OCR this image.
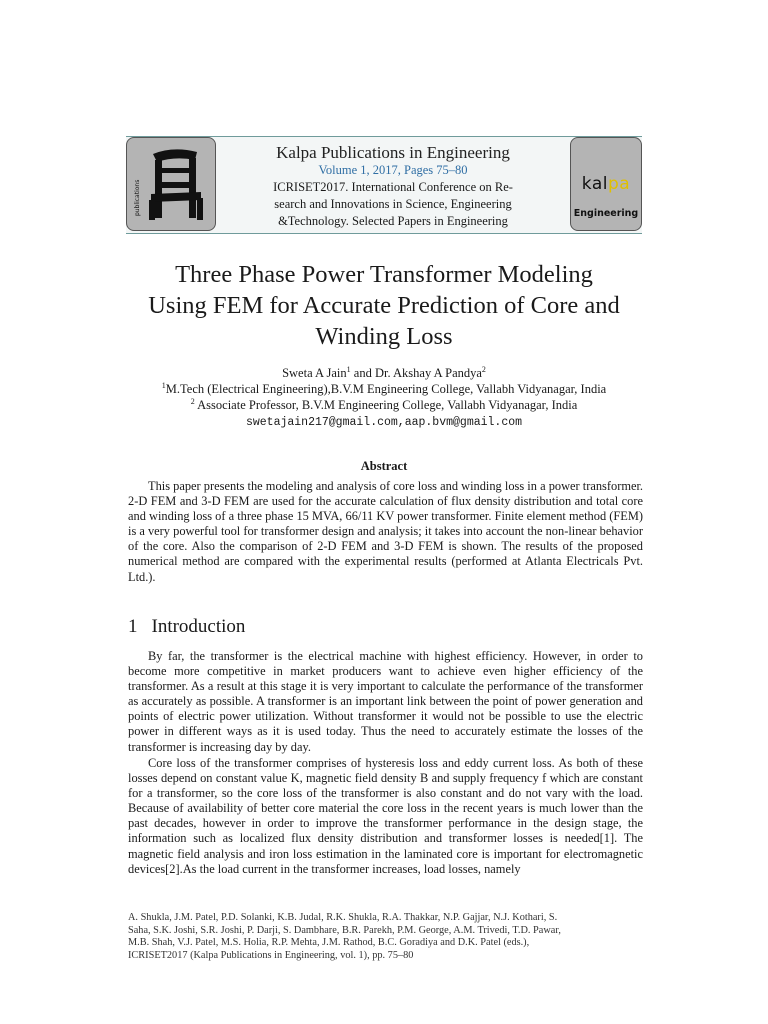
publications
Kalpa Publications in Engineering
Volume 1, 2017, Pages 75–80
ICRISET2017. International Conference on Re-
search and Innovations in Science, Engineering
&Technology. Selected Papers in Engineering
kalpa
Engineering
Three Phase Power Transformer Modeling
Using FEM for Accurate Prediction of Core and
Winding Loss
Sweta A Jain$^1$ and Dr. Akshay A Pandya$^2$
$^1$M.Tech (Electrical Engineering),B.V.M Engineering College, Vallabh Vidyanagar, India
$^2$ Associate Professor, B.V.M Engineering College, Vallabh Vidyanagar, India
swetajain217@gmail.com,aap.bvm@gmail.com
Abstract
This paper presents the modeling and analysis of core loss and winding loss in a power transformer. 2-D FEM and 3-D FEM are used for the accurate calculation of flux density distribution and total core and winding loss of a three phase 15 MVA, 66/11 KV power transformer. Finite element method (FEM) is a very powerful tool for transformer design and analysis; it takes into account the non-linear behavior of the core. Also the comparison of 2-D FEM and 3-D FEM is shown. The results of the proposed numerical method are compared with the experimental results (performed at Atlanta Electricals Pvt. Ltd.).
1 Introduction
By far, the transformer is the electrical machine with highest efficiency. However, in order to become more competitive in market producers want to achieve even higher efficiency of the transformer. As a result at this stage it is very important to calculate the performance of the transformer as accurately as possible. A transformer is an important link between the point of power generation and points of electric power utilization. Without transformer it would not be possible to use the electric power in different ways as it is used today. Thus the need to accurately estimate the losses of the transformer is increasing day by day.
Core loss of the transformer comprises of hysteresis loss and eddy current loss. As both of these losses depend on constant value K, magnetic field density B and supply frequency f which are constant for a transformer, so the core loss of the transformer is also constant and do not vary with the load. Because of availability of better core material the core loss in the recent years is much lower than the past decades, however in order to improve the transformer performance in the design stage, the information such as localized flux density distribution and transformer losses is needed[1]. The magnetic field analysis and iron loss estimation in the laminated core is important for electromagnetic devices[2].As the load current in the transformer increases, load losses, namely
A. Shukla, J.M. Patel, P.D. Solanki, K.B. Judal, R.K. Shukla, R.A. Thakkar, N.P. Gajjar, N.J. Kothari, S.
Saha, S.K. Joshi, S.R. Joshi, P. Darji, S. Dambhare, B.R. Parekh, P.M. George, A.M. Trivedi, T.D. Pawar,
M.B. Shah, V.J. Patel, M.S. Holia, R.P. Mehta, J.M. Rathod, B.C. Goradiya and D.K. Patel (eds.),
ICRISET2017 (Kalpa Publications in Engineering, vol. 1), pp. 75–80
